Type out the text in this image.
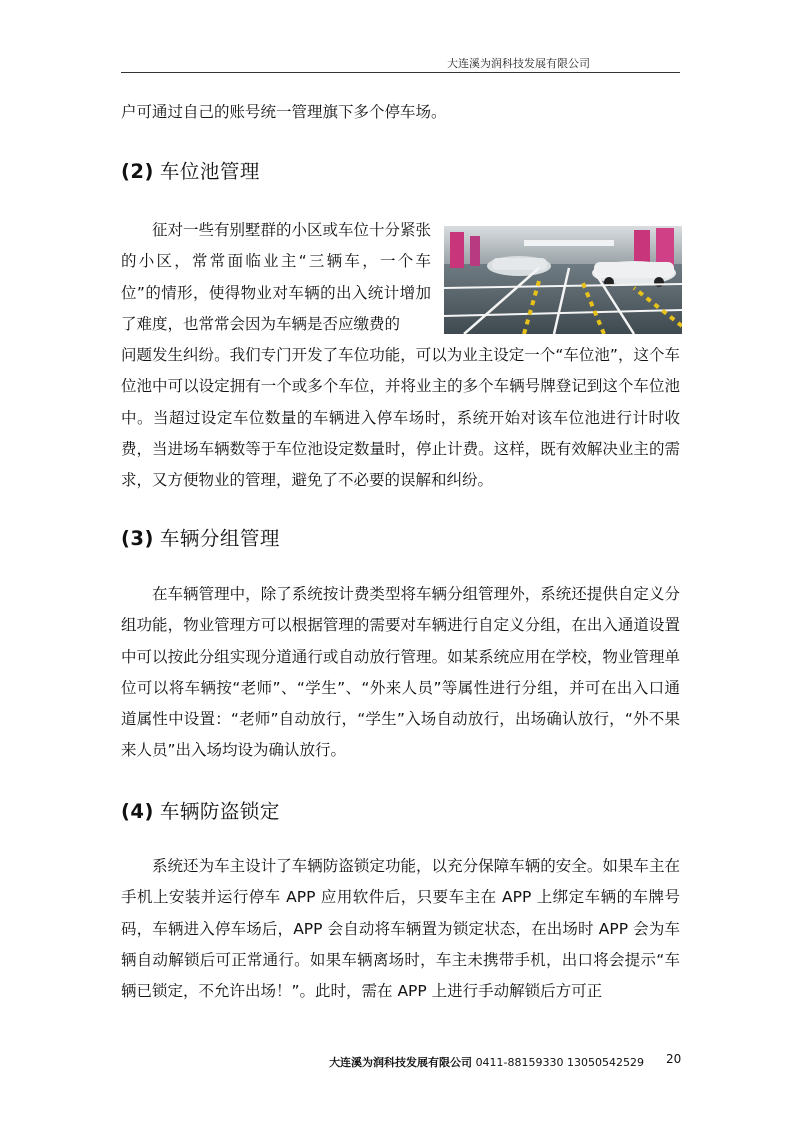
大连溪为润科技发展有限公司

户可通过自己的账号统一管理旗下多个停车场。

(2) 车位池管理

征对一些有别墅群的小区或车位十分紧张的小区，常常面临业主“三辆车，一个车位”的情形，使得物业对车辆的出入统计增加了难度，也常常会因为车辆是否应缴费的

问题发生纠纷。我们专门开发了车位功能，可以为业主设定一个“车位池”，这个车位池中可以设定拥有一个或多个车位，并将业主的多个车辆号牌登记到这个车位池中。当超过设定车位数量的车辆进入停车场时，系统开始对该车位池进行计时收费，当进场车辆数等于车位池设定数量时，停止计费。这样，既有效解决业主的需求，又方便物业的管理，避免了不必要的误解和纠纷。

(3) 车辆分组管理

在车辆管理中，除了系统按计费类型将车辆分组管理外，系统还提供自定义分组功能，物业管理方可以根据管理的需要对车辆进行自定义分组，在出入通道设置中可以按此分组实现分道通行或自动放行管理。如某系统应用在学校，物业管理单位可以将车辆按“老师”、“学生”、“外来人员”等属性进行分组，并可在出入口通道属性中设置：“老师”自动放行，“学生”入场自动放行，出场确认放行，“外不果来人员”出入场均设为确认放行。

(4) 车辆防盗锁定

系统还为车主设计了车辆防盗锁定功能，以充分保障车辆的安全。如果车主在手机上安装并运行停车 APP 应用软件后，只要车主在 APP 上绑定车辆的车牌号码，车辆进入停车场后，APP 会自动将车辆置为锁定状态，在出场时 APP 会为车辆自动解锁后可正常通行。如果车辆离场时，车主未携带手机，出口将会提示“车辆已锁定，不允许出场！”。此时，需在 APP 上进行手动解锁后方可正

大连溪为润科技发展有限公司 0411-88159330 13050542529 20
